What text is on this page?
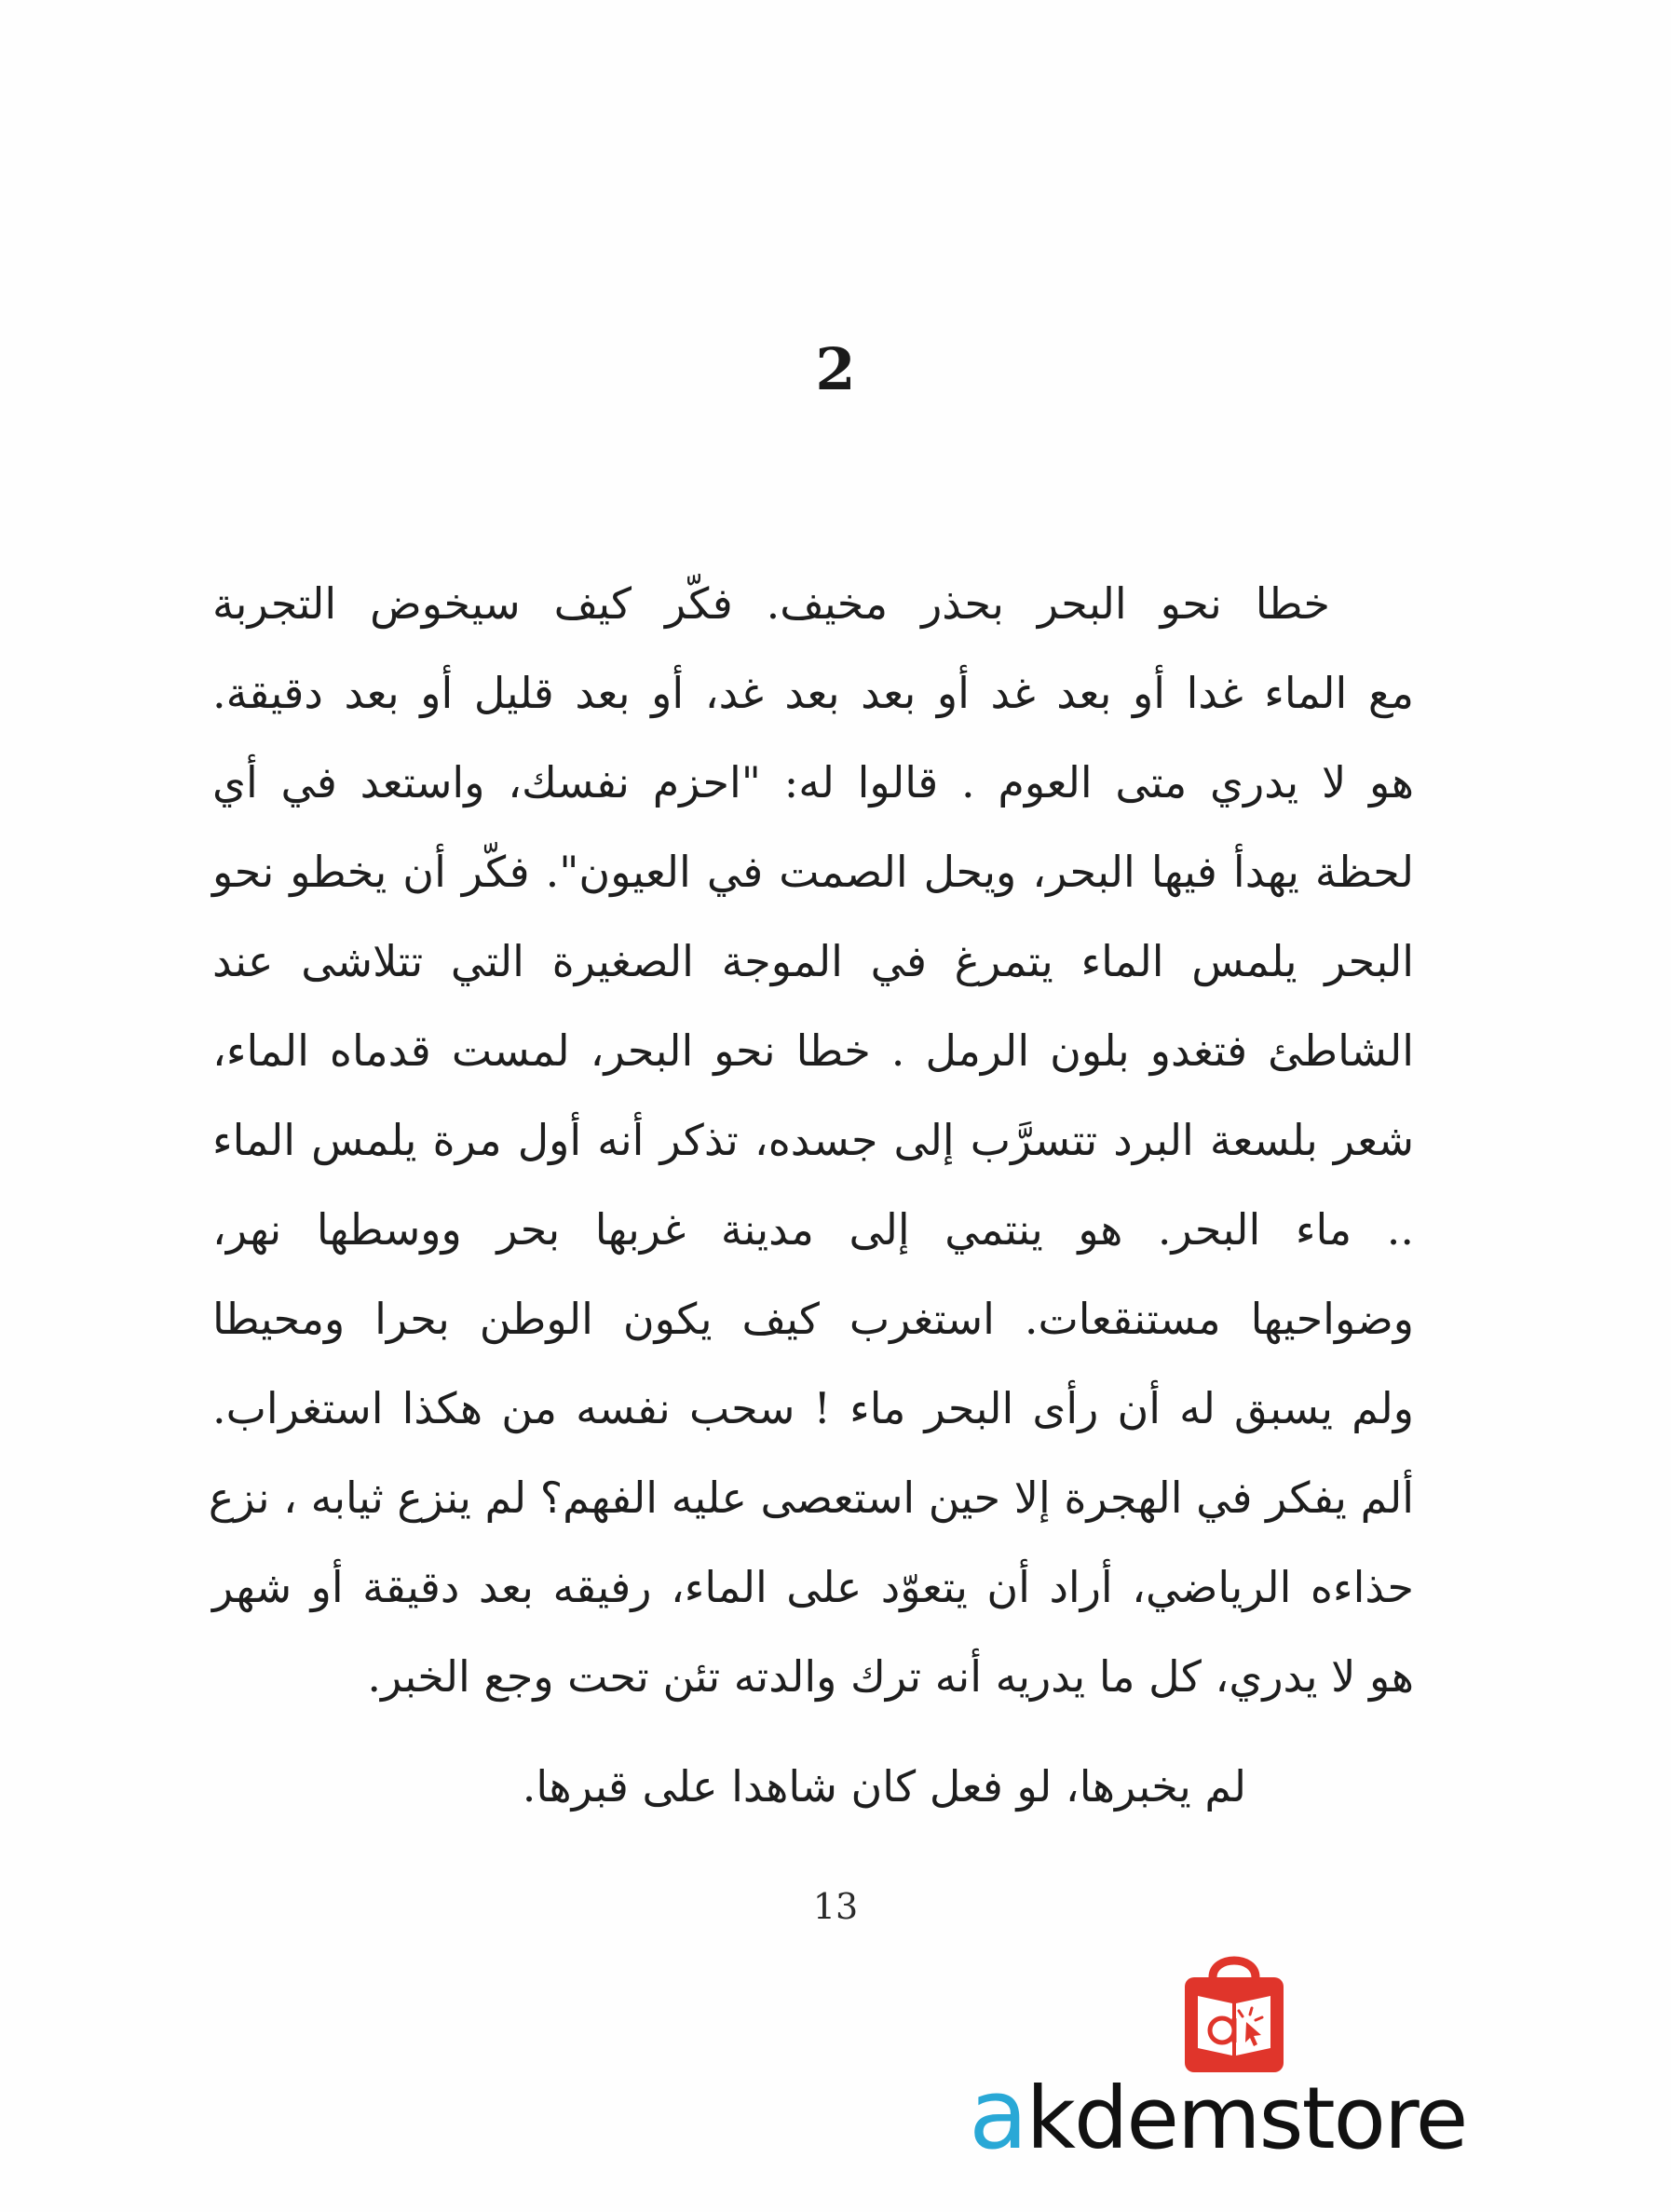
2
خطا نحو البحر بحذر مخيف. فكّر كيف سيخوض التجربة
مع الماء غدا أو بعد غد أو بعد بعد غد، أو بعد قليل أو بعد دقيقة.
هو لا يدري متى العوم . قالوا له: "احزم نفسك، واستعد في أي
لحظة يهدأ فيها البحر، ويحل الصمت في العيون". فكّر أن يخطو نحو
البحر يلمس الماء يتمرغ في الموجة الصغيرة التي تتلاشى عند
الشاطئ فتغدو بلون الرمل . خطا نحو البحر، لمست قدماه الماء،
شعر بلسعة البرد تتسرَّب إلى جسده، تذكر أنه أول مرة يلمس الماء
.. ماء البحر. هو ينتمي إلى مدينة غربها بحر ووسطها نهر،
وضواحيها مستنقعات. استغرب كيف يكون الوطن بحرا ومحيطا
ولم يسبق له أن رأى البحر ماء ! سحب نفسه من هكذا استغراب.
ألم يفكر في الهجرة إلا حين استعصى عليه الفهم؟ لم ينزع ثيابه ، نزع
حذاءه الرياضي، أراد أن يتعوّد على الماء، رفيقه بعد دقيقة أو شهر
هو لا يدري، كل ما يدريه أنه ترك والدته تئن تحت وجع الخبر.
لم يخبرها، لو فعل كان شاهدا على قبرها.
13
akdemstore
